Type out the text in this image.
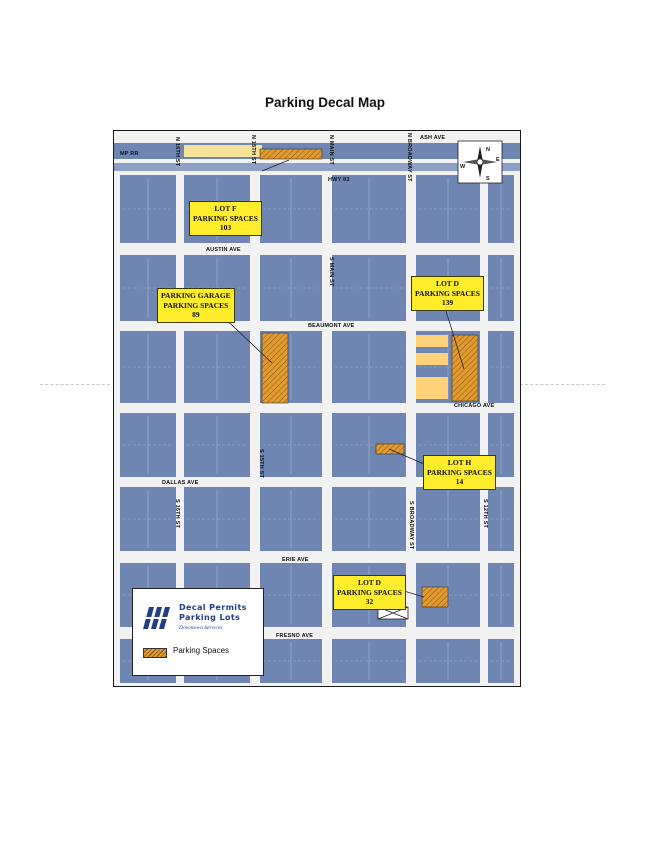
Parking Decal Map
N
S
E
W
MP RR
ASH AVE
HWY 83
AUSTIN AVE
BEAUMONT AVE
CHICAGO AVE
DALLAS AVE
ERIE AVE
FRESNO AVE
N 16TH ST	N 15TH ST	N MAIN ST	N BROADWAY ST
S MAIN ST
S 16TH ST
S 15TH ST
S BROADWAY ST	S 12TH ST
LOT F
PARKING SPACES
103
PARKING GARAGE
PARKING SPACES
89
LOT D
PARKING SPACES
139
LOT H
PARKING SPACES
14
LOT D
PARKING SPACES
32
Decal Permits
Parking Lots
Downtown Services
Parking Spaces
